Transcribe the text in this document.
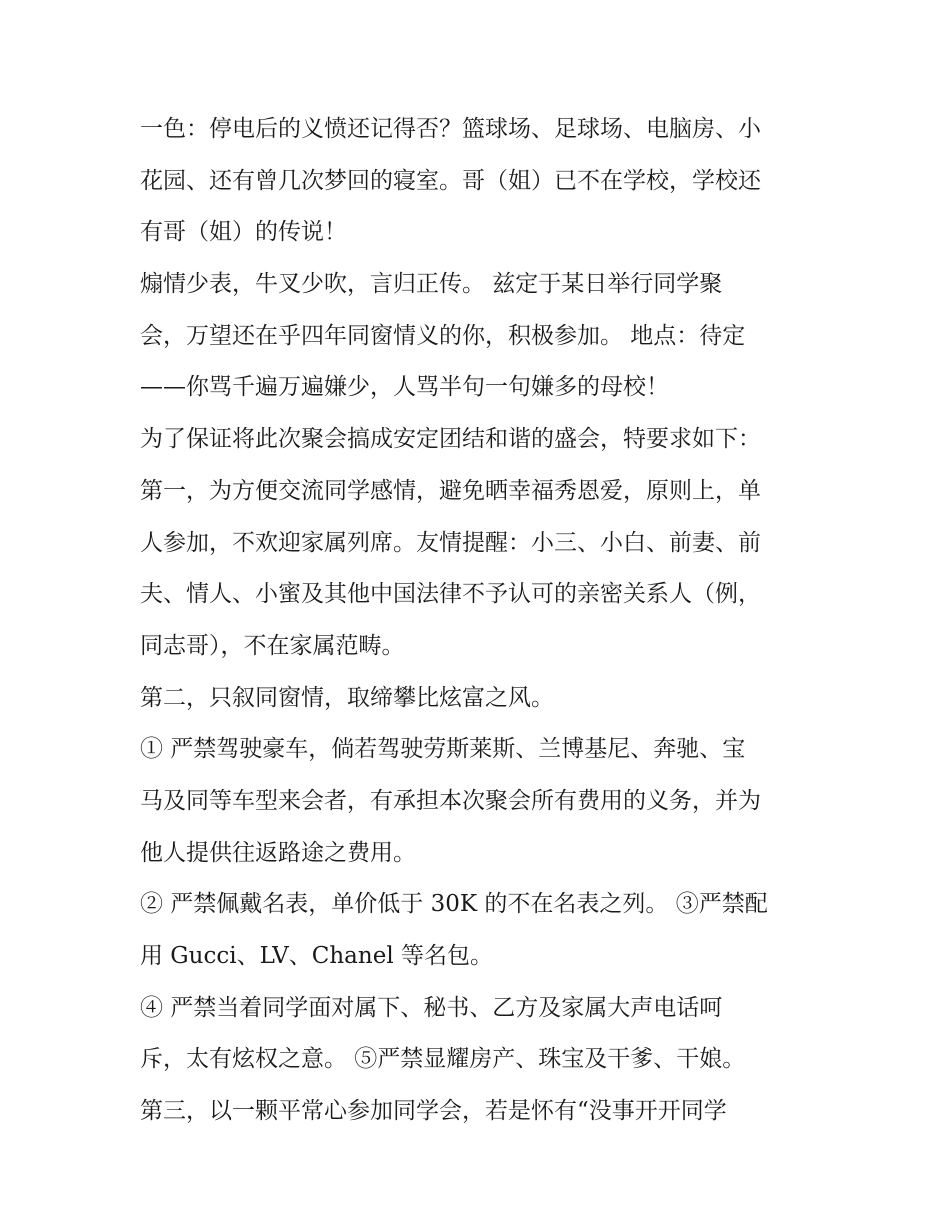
一色：停电后的义愤还记得否？篮球场、足球场、电脑房、小
花园、还有曾几次梦回的寝室。哥（姐）已不在学校，学校还
有哥（姐）的传说！
煽情少表，牛叉少吹，言归正传。 兹定于某日举行同学聚
会，万望还在乎四年同窗情义的你，积极参加。 地点：待定
——你骂千遍万遍嫌少，人骂半句一句嫌多的母校！
为了保证将此次聚会搞成安定团结和谐的盛会，特要求如下：
第一，为方便交流同学感情，避免晒幸福秀恩爱，原则上，单
人参加，不欢迎家属列席。友情提醒：小三、小白、前妻、前
夫、情人、小蜜及其他中国法律不予认可的亲密关系人（例，
同志哥），不在家属范畴。
第二，只叙同窗情，取缔攀比炫富之风。
① 严禁驾驶豪车，倘若驾驶劳斯莱斯、兰博基尼、奔驰、宝
马及同等车型来会者，有承担本次聚会所有费用的义务，并为
他人提供往返路途之费用。
② 严禁佩戴名表，单价低于 30K 的不在名表之列。 ③严禁配
用 Gucci、LV、Chanel 等名包。
④ 严禁当着同学面对属下、秘书、乙方及家属大声电话呵
斥，太有炫权之意。 ⑤严禁显耀房产、珠宝及干爹、干娘。
第三，以一颗平常心参加同学会，若是怀有“没事开开同学
